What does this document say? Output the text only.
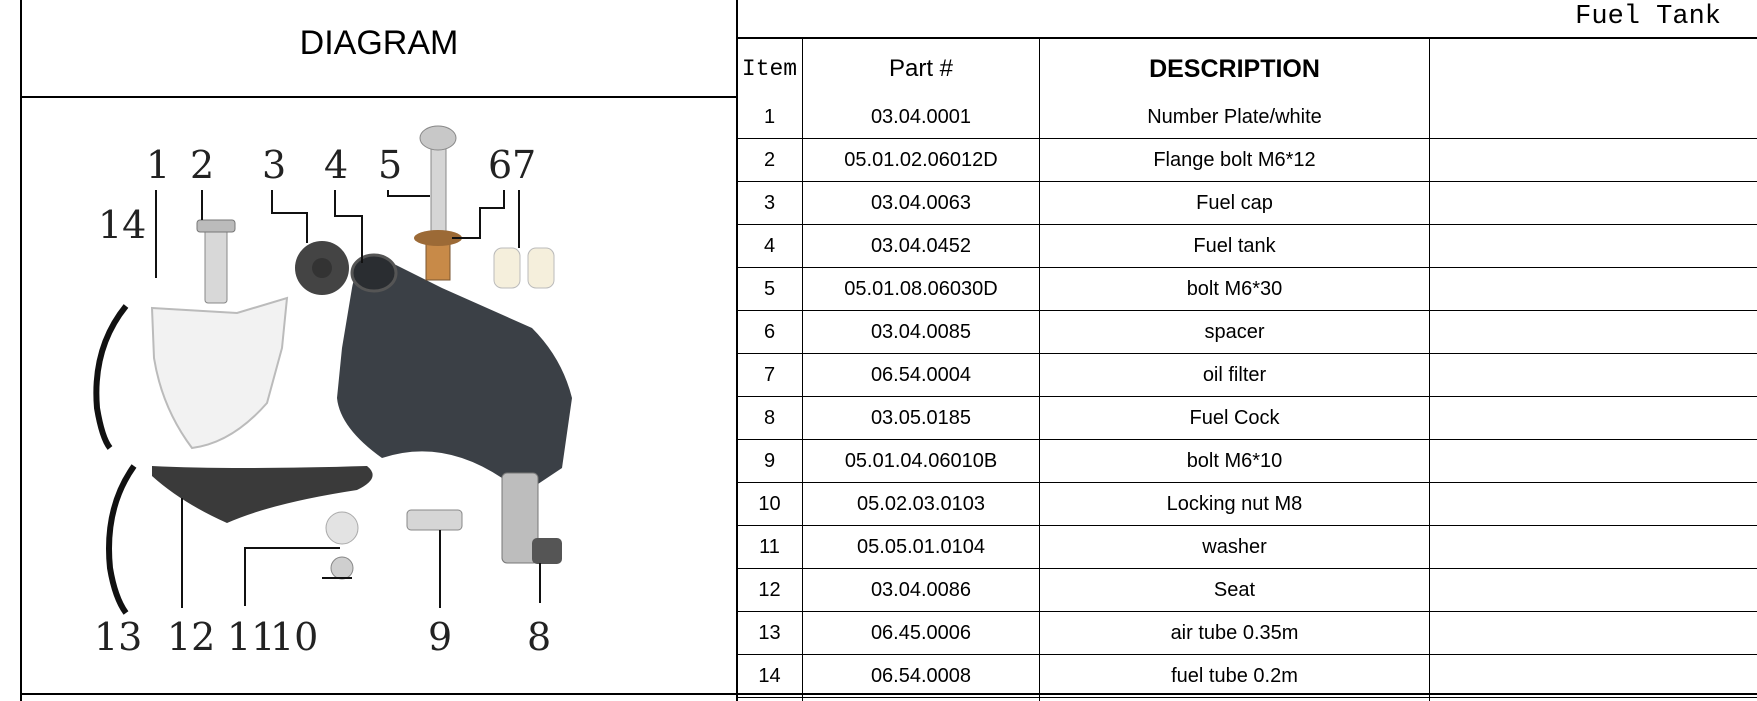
DIAGRAM
Fuel Tank
Item	Part #	DESCRIPTION
1	03.04.0001	Number Plate/white
2	05.01.02.06012D	Flange bolt M6*12
3	03.04.0063	Fuel cap
4	03.04.0452	Fuel tank
5	05.01.08.06030D	bolt M6*30
6	03.04.0085	spacer
7	06.54.0004	oil filter
8	03.05.0185	Fuel Cock
9	05.01.04.06010B	bolt M6*10
10	05.02.03.0103	Locking nut M8
11	05.05.01.0104	washer
12	03.04.0086	Seat
13	06.45.0006	air tube 0.35m
14	06.54.0008	fuel tube 0.2m
1 2 3 4 5 6 7
8
9
10
11
12
13
14
